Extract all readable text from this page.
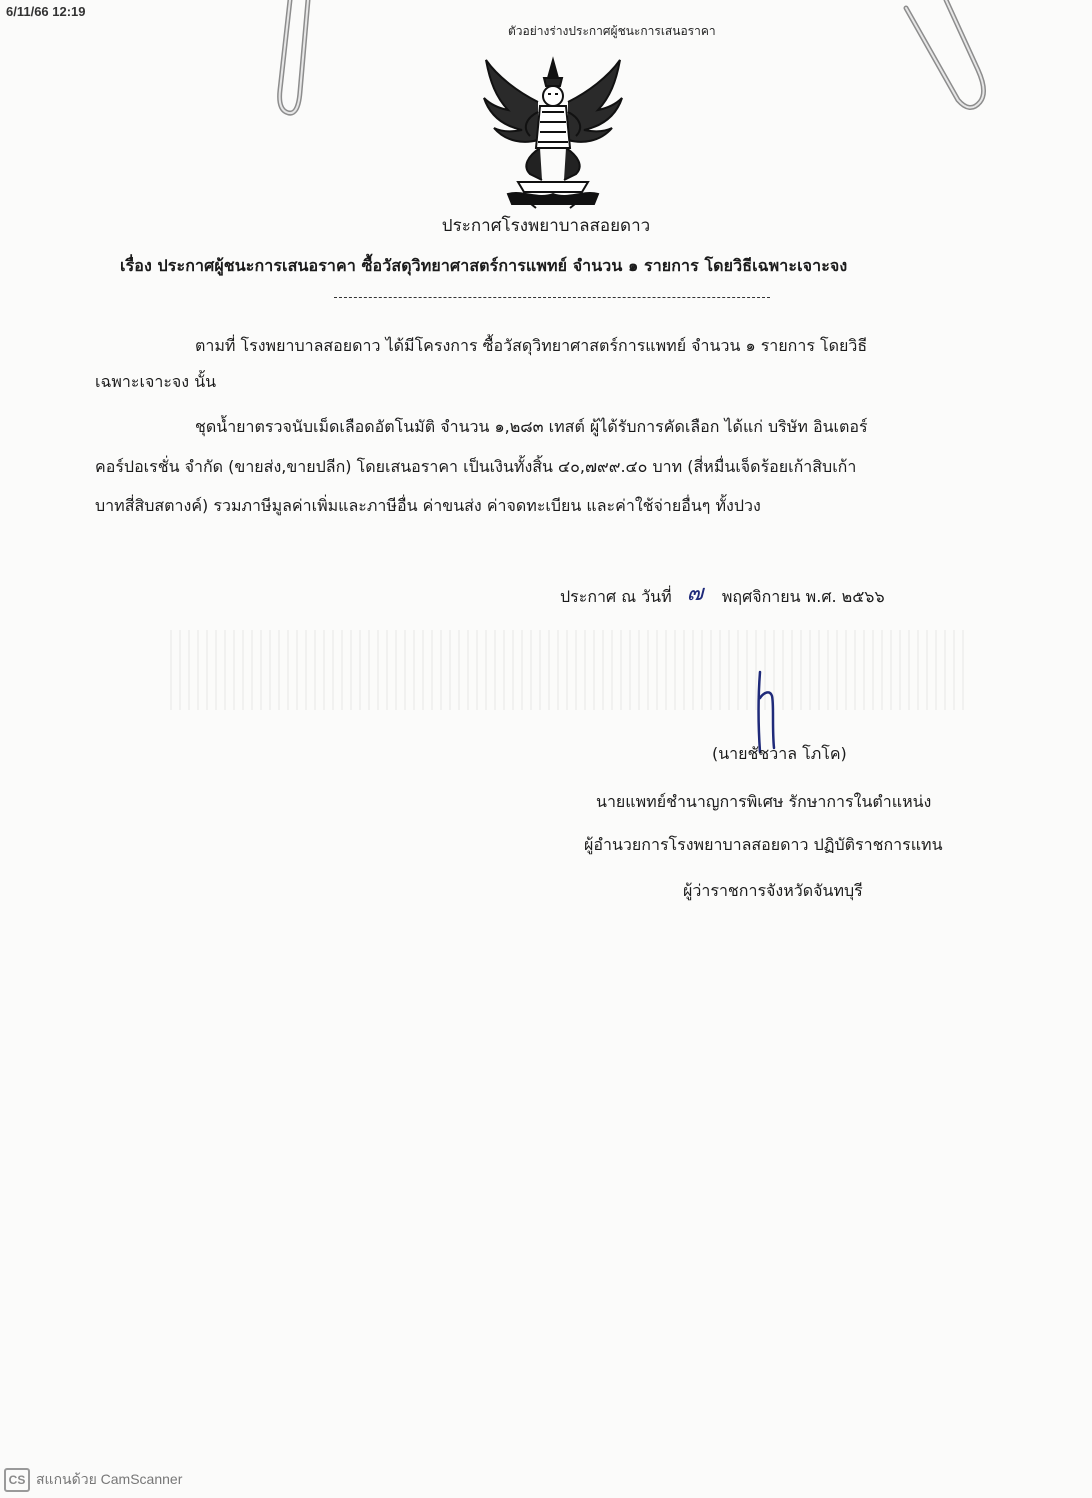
6/11/66 12:19
ตัวอย่างร่างประกาศผู้ชนะการเสนอราคา
ประกาศโรงพยาบาลสอยดาว
เรื่อง ประกาศผู้ชนะการเสนอราคา ซื้อวัสดุวิทยาศาสตร์การแพทย์ จำนวน ๑ รายการ โดยวิธีเฉพาะเจาะจง
ตามที่ โรงพยาบาลสอยดาว ได้มีโครงการ ซื้อวัสดุวิทยาศาสตร์การแพทย์ จำนวน ๑ รายการ โดยวิธี
เฉพาะเจาะจง นั้น
ชุดน้ำยาตรวจนับเม็ดเลือดอัตโนมัติ จำนวน ๑,๒๘๓ เทสต์ ผู้ได้รับการคัดเลือก ได้แก่ บริษัท อินเตอร์
คอร์ปอเรชั่น จำกัด (ขายส่ง,ขายปลีก) โดยเสนอราคา เป็นเงินทั้งสิ้น ๔๐,๗๙๙.๔๐ บาท (สี่หมื่นเจ็ดร้อยเก้าสิบเก้า
บาทสี่สิบสตางค์) รวมภาษีมูลค่าเพิ่มและภาษีอื่น ค่าขนส่ง ค่าจดทะเบียน และค่าใช้จ่ายอื่นๆ ทั้งปวง
ประกาศ ณ วันที่ ๗ พฤศจิกายน พ.ศ. ๒๕๖๖
(นายชัชวาล โภโค)
นายแพทย์ชำนาญการพิเศษ รักษาการในตำแหน่ง
ผู้อำนวยการโรงพยาบาลสอยดาว ปฏิบัติราชการแทน
ผู้ว่าราชการจังหวัดจันทบุรี
CS สแกนด้วย CamScanner
